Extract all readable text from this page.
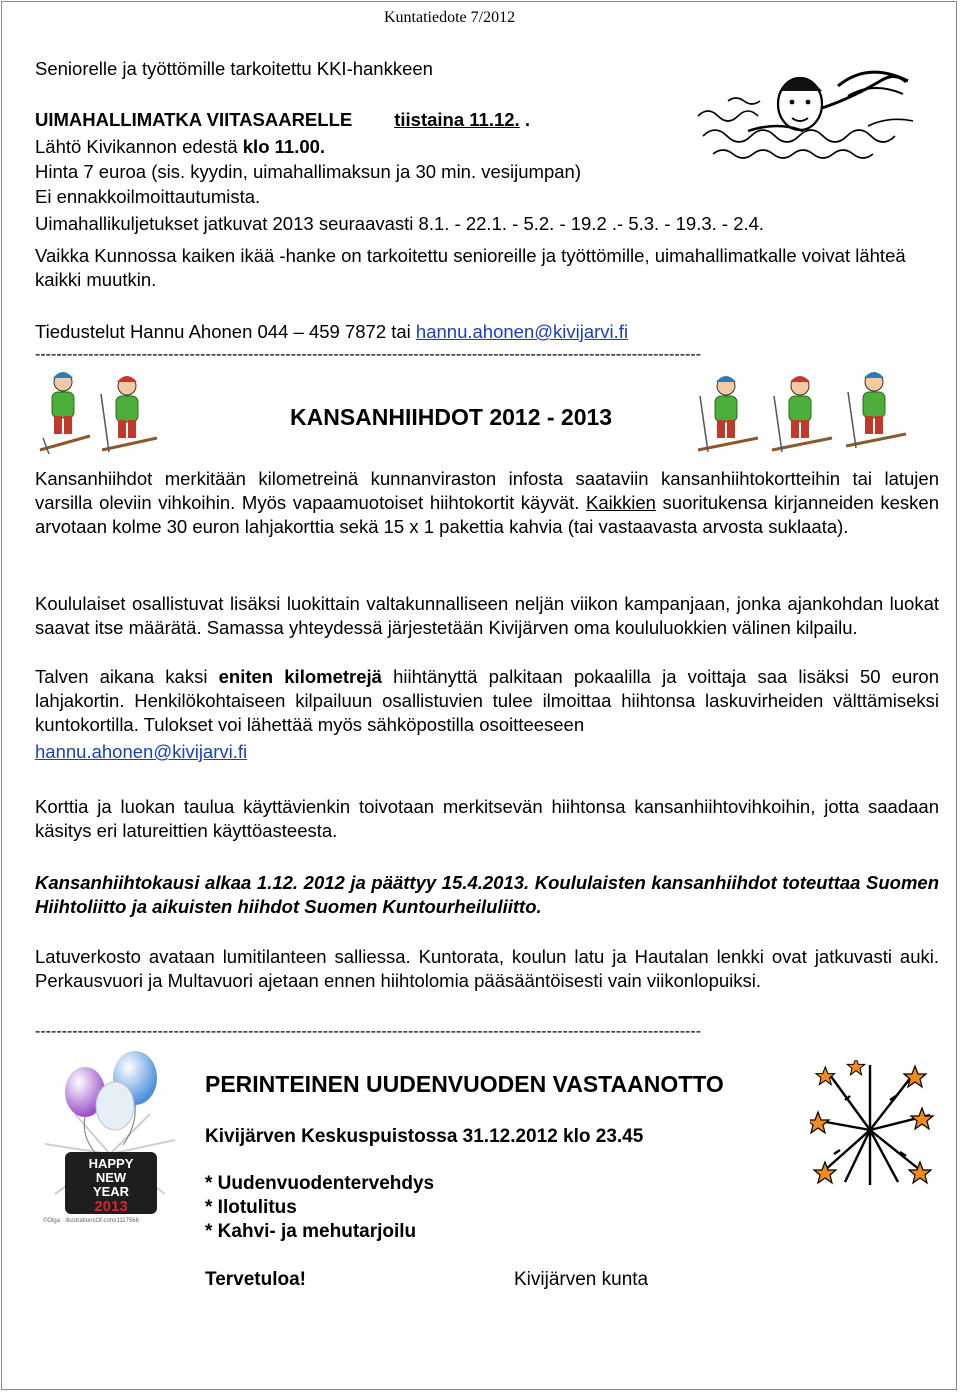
Kuntatiedote 7/2012
Seniorelle ja työttömille tarkoitettu KKI-hankkeen
UIMAHALLIMATKA VIITASAARELLE tiistaina 11.12. .
Lähtö Kivikannon edestä klo 11.00.
Hinta 7 euroa (sis. kyydin, uimahallimaksun ja 30 min. vesijumpan)
Ei ennakkoilmoittautumista.
Uimahallikuljetukset jatkuvat 2013 seuraavasti 8.1. - 22.1. - 5.2. - 19.2 .- 5.3. - 19.3. - 2.4.
Vaikka Kunnossa kaiken ikää -hanke on tarkoitettu senioreille ja työttömille, uimahallimatkalle voivat lähteä kaikki muutkin.
Tiedustelut Hannu Ahonen 044 – 459 7872 tai hannu.ahonen@kivijarvi.fi
-----------------------------------------------------------------------------------------------------------------------------
KANSANHIIHDOT 2012 - 2013
Kansanhiihdot merkitään kilometreinä kunnanviraston infosta saataviin kansanhiihtokortteihin tai latujen varsilla oleviin vihkoihin. Myös vapaamuotoiset hiihtokortit käyvät. Kaikkien suoritukensa kirjanneiden kesken arvotaan kolme 30 euron lahjakorttia sekä 15 x 1 pakettia kahvia (tai vastaavasta arvosta suklaata).
Koululaiset osallistuvat lisäksi luokittain valtakunnalliseen neljän viikon kampanjaan, jonka ajankohdan luokat saavat itse määrätä. Samassa yhteydessä järjestetään Kivijärven oma koululuokkien välinen kilpailu.
Talven aikana kaksi eniten kilometrejä hiihtänyttä palkitaan pokaalilla ja voittaja saa lisäksi 50 euron lahjakortin. Henkilökohtaiseen kilpailuun osallistuvien tulee ilmoittaa hiihtonsa laskuvirheiden välttämiseksi kuntokortilla. Tulokset voi lähettää myös sähköpostilla osoitteeseen
hannu.ahonen@kivijarvi.fi
Korttia ja luokan taulua käyttävienkin toivotaan merkitsevän hiihtonsa kansanhiihtovihkoihin, jotta saadaan käsitys eri latureittien käyttöasteesta.
Kansanhiihtokausi alkaa 1.12. 2012 ja päättyy 15.4.2013. Koululaisten kansanhiihdot toteuttaa Suomen Hiihtoliitto ja aikuisten hiihdot Suomen Kuntourheiluliitto.
Latuverkosto avataan lumitilanteen salliessa. Kuntorata, koulun latu ja Hautalan lenkki ovat jatkuvasti auki. Perkausvuori ja Multavuori ajetaan ennen hiihtolomia pääsääntöisesti vain viikonlopuiksi.
-----------------------------------------------------------------------------------------------------------------------------
HAPPY
NEW
YEAR
2013
©Olga · illustrationsOf.com/1117566
PERINTEINEN UUDENVUODEN VASTAANOTTO
Kivijärven Keskuspuistossa 31.12.2012 klo 23.45
* Uudenvuodentervehdys
* Ilotulitus
* Kahvi- ja mehutarjoilu
Tervetuloa!	Kivijärven kunta
